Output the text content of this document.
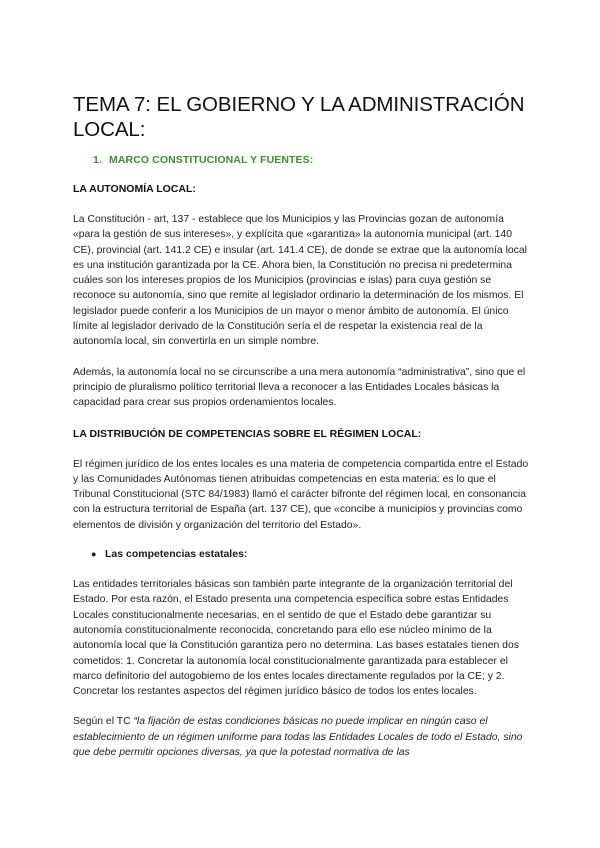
TEMA 7: EL GOBIERNO Y LA ADMINISTRACIÓN LOCAL:
1. MARCO CONSTITUCIONAL Y FUENTES:
LA AUTONOMÍA LOCAL:

La Constitución - art, 137 - establece que los Municipios y las Provincias gozan de autonomía «para la gestión de sus intereses», y explícita que «garantiza» la autonomía municipal (art. 140 CE), provincial (art. 141.2 CE) e insular (art. 141.4 CE), de donde se extrae que la autonomía local es una institución garantizada por la CE. Ahora bien, la Constitución no precisa ni predetermina cuáles son los intereses propios de los Municipios (provincias e islas) para cuya gestión se reconoce su autonomía, sino que remite al legislador ordinario la determinación de los mismos. El legislador puede conferir a los Municipios de un mayor o menor ámbito de autonomía. El único límite al legislador derivado de la Constitución sería el de respetar la existencia real de la autonomía local, sin convertirla en un simple nombre.

Además, la autonomía local no se circunscribe a una mera autonomía “administrativa”, sino que el principio de pluralismo político territorial lleva a reconocer a las Entidades Locales básicas la capacidad para crear sus propios ordenamientos locales.

LA DISTRIBUCIÓN DE COMPETENCIAS SOBRE EL RÉGIMEN LOCAL:

El régimen jurídico de los entes locales es una materia de competencia compartida entre el Estado y las Comunidades Autónomas tienen atribuidas competencias en esta materia: es lo que el Tribunal Constitucional (STC 84/1983) llamó el carácter bifronte del régimen local, en consonancia con la estructura territorial de España (art. 137 CE), que «concibe a municipios y provincias como elementos de división y organización del territorio del Estado».

● Las competencias estatales:

Las entidades territoriales básicas son también parte integrante de la organización territorial del Estado. Por esta razón, el Estado presenta una competencia específica sobre estas Entidades Locales constitucionalmente necesarias, en el sentido de que el Estado debe garantizar su autonomía constitucionalmente reconocida, concretando para ello ese núcleo mínimo de la autonomía local que la Constitución garantiza pero no determina. Las bases estatales tienen dos cometidos: 1. Concretar la autonomía local constitucionalmente garantizada para establecer el marco definitorio del autogobierno de los entes locales directamente regulados por la CE; y 2. Concretar los restantes aspectos del régimen jurídico básico de todos los entes locales.

Según el TC “la fijación de estas condiciones básicas no puede implicar en ningún caso el establecimiento de un régimen uniforme para todas las Entidades Locales de todo el Estado, sino que debe permitir opciones diversas, ya que la potestad normativa de las
